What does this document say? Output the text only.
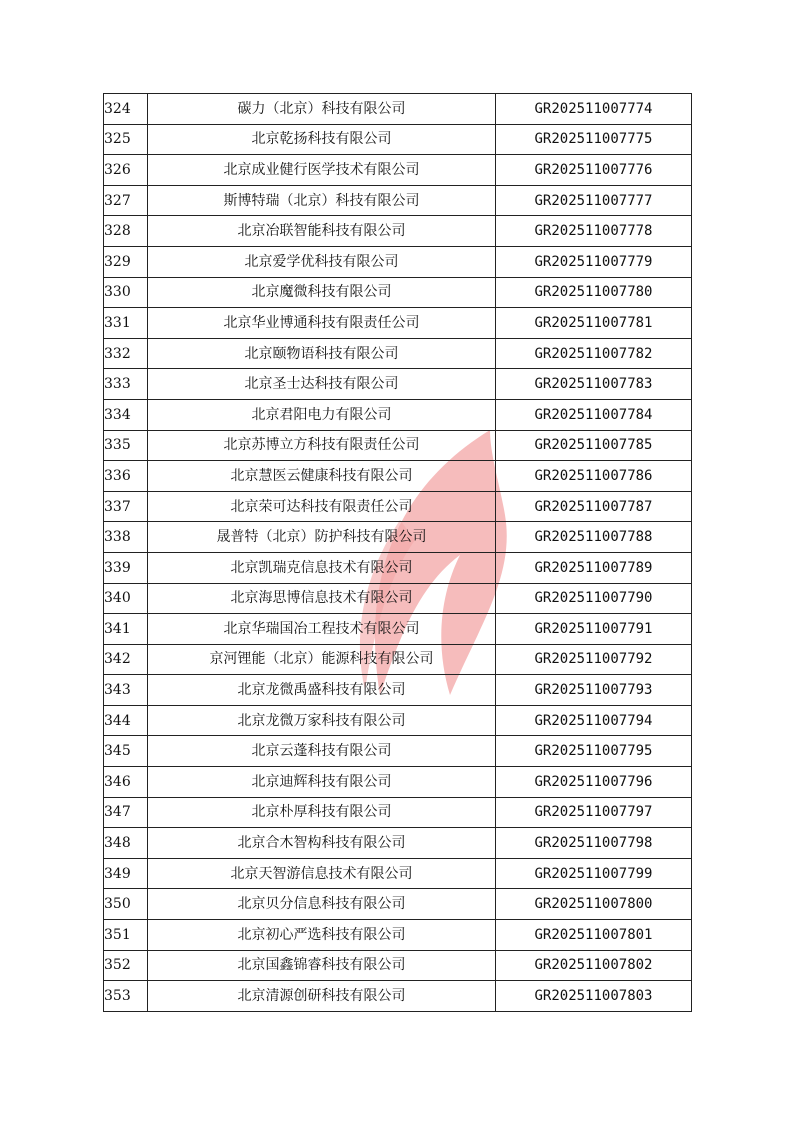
324	碳力（北京）科技有限公司	GR202511007774
325	北京乾扬科技有限公司	GR202511007775
326	北京成业健行医学技术有限公司	GR202511007776
327	斯博特瑞（北京）科技有限公司	GR202511007777
328	北京冶联智能科技有限公司	GR202511007778
329	北京爱学优科技有限公司	GR202511007779
330	北京魔微科技有限公司	GR202511007780
331	北京华业博通科技有限责任公司	GR202511007781
332	北京颐物语科技有限公司	GR202511007782
333	北京圣士达科技有限公司	GR202511007783
334	北京君阳电力有限公司	GR202511007784
335	北京苏博立方科技有限责任公司	GR202511007785
336	北京慧医云健康科技有限公司	GR202511007786
337	北京荣可达科技有限责任公司	GR202511007787
338	晟普特（北京）防护科技有限公司	GR202511007788
339	北京凯瑞克信息技术有限公司	GR202511007789
340	北京海思博信息技术有限公司	GR202511007790
341	北京华瑞国冶工程技术有限公司	GR202511007791
342	京河锂能（北京）能源科技有限公司	GR202511007792
343	北京龙微禹盛科技有限公司	GR202511007793
344	北京龙微万家科技有限公司	GR202511007794
345	北京云蓬科技有限公司	GR202511007795
346	北京迪辉科技有限公司	GR202511007796
347	北京朴厚科技有限公司	GR202511007797
348	北京合木智构科技有限公司	GR202511007798
349	北京天智游信息技术有限公司	GR202511007799
350	北京贝分信息科技有限公司	GR202511007800
351	北京初心严选科技有限公司	GR202511007801
352	北京国鑫锦睿科技有限公司	GR202511007802
353	北京清源创研科技有限公司	GR202511007803
